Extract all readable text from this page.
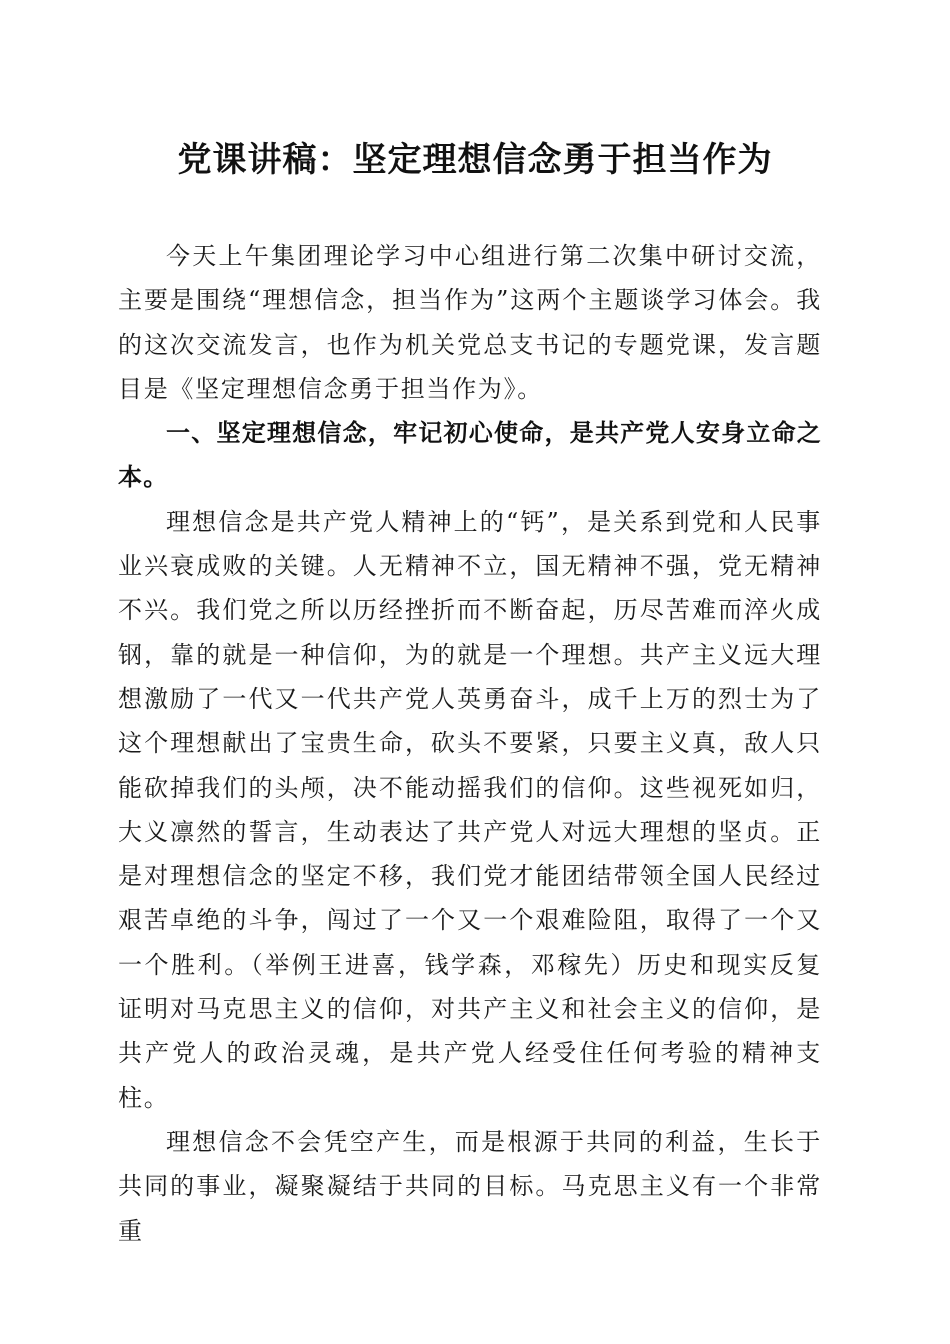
党课讲稿：坚定理想信念勇于担当作为

今天上午集团理论学习中心组进行第二次集中研讨交流，主要是围绕“理想信念，担当作为”这两个主题谈学习体会。我的这次交流发言，也作为机关党总支书记的专题党课，发言题目是《坚定理想信念勇于担当作为》。

一、坚定理想信念，牢记初心使命，是共产党人安身立命之本。

理想信念是共产党人精神上的“钙”，是关系到党和人民事业兴衰成败的关键。人无精神不立，国无精神不强，党无精神不兴。我们党之所以历经挫折而不断奋起，历尽苦难而淬火成钢，靠的就是一种信仰，为的就是一个理想。共产主义远大理想激励了一代又一代共产党人英勇奋斗，成千上万的烈士为了这个理想献出了宝贵生命，砍头不要紧，只要主义真，敌人只能砍掉我们的头颅，决不能动摇我们的信仰。这些视死如归，大义凛然的誓言，生动表达了共产党人对远大理想的坚贞。正是对理想信念的坚定不移，我们党才能团结带领全国人民经过艰苦卓绝的斗争，闯过了一个又一个艰难险阻，取得了一个又一个胜利。（举例王进喜，钱学森，邓稼先）历史和现实反复证明对马克思主义的信仰，对共产主义和社会主义的信仰，是共产党人的政治灵魂，是共产党人经受住任何考验的精神支柱。

理想信念不会凭空产生，而是根源于共同的利益，生长于共同的事业，凝聚凝结于共同的目标。马克思主义有一个非常重
